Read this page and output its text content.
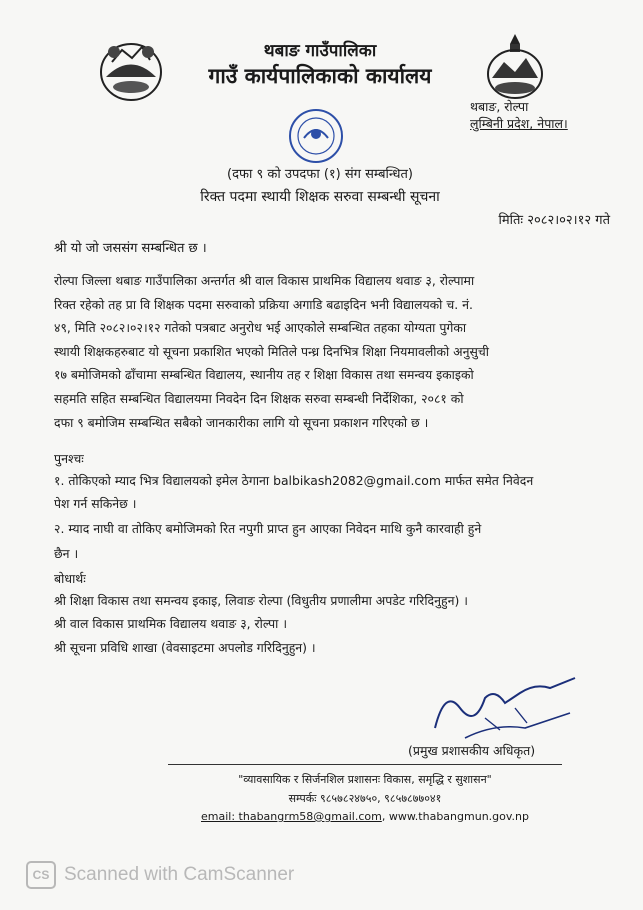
थबाङ गाउँपालिका
गाउँ कार्यपालिकाको कार्यालय
थबाङ, रोल्पा
लुम्बिनी प्रदेश, नेपाल।
(दफा ९ को उपदफा (१) संग सम्बन्धित)
रिक्त पदमा स्थायी शिक्षक सरुवा सम्बन्धी सूचना
मितिः २०८२।०२।१२ गते
श्री यो जो जससंग सम्बन्धित छ ।
रोल्पा जिल्ला थबाङ गाउँपालिका अन्तर्गत श्री वाल विकास प्राथमिक विद्यालय थवाङ ३, रोल्पामा
रिक्त रहेको तह प्रा वि शिक्षक पदमा सरुवाको प्रक्रिया अगाडि बढाइदिन भनी विद्यालयको च. नं.
४९, मिति २०८२।०२।१२ गतेको पत्रबाट अनुरोध भई आएकोले सम्बन्धित तहका योग्यता पुगेका
स्थायी शिक्षकहरुबाट यो सूचना प्रकाशित भएको मितिले पन्ध्र दिनभित्र शिक्षा नियमावलीको अनुसुची
१७ बमोजिमको ढाँचामा सम्बन्धित विद्यालय, स्थानीय तह र शिक्षा विकास तथा समन्वय इकाइको
सहमति सहित सम्बन्धित विद्यालयमा निवदेन दिन शिक्षक सरुवा सम्बन्धी निर्देशिका, २०८१ को
दफा ९ बमोजिम सम्बन्धित सबैको जानकारीका लागि यो सूचना प्रकाशन गरिएको छ ।
पुनश्चः
१. तोकिएको म्याद भित्र विद्यालयको इमेल ठेगाना balbikash2082@gmail.com मार्फत समेत निवेदन
पेश गर्न सकिनेछ ।
२. म्याद नाघी वा तोकिए बमोजिमको रित नपुगी प्राप्त हुन आएका निवेदन माथि कुनै कारवाही हुने
छैन ।
बोधार्थः
श्री शिक्षा विकास तथा समन्वय इकाइ, लिवाङ रोल्पा (विधुतीय प्रणालीमा अपडेट गरिदिनुहुन) ।
श्री वाल विकास प्राथमिक विद्यालय थवाङ ३, रोल्पा ।
श्री सूचना प्रविधि शाखा (वेवसाइटमा अपलोड गरिदिनुहुन) ।
(प्रमुख प्रशासकीय अधिकृत)
"व्यावसायिक र सिर्जनशिल प्रशासनः विकास, समृद्धि र सुशासन"
सम्पर्कः ९८५७८२४७५०, ९८५७८७७०४१
email: thabangrm58@gmail.com, www.thabangmun.gov.np
CS Scanned with CamScanner
